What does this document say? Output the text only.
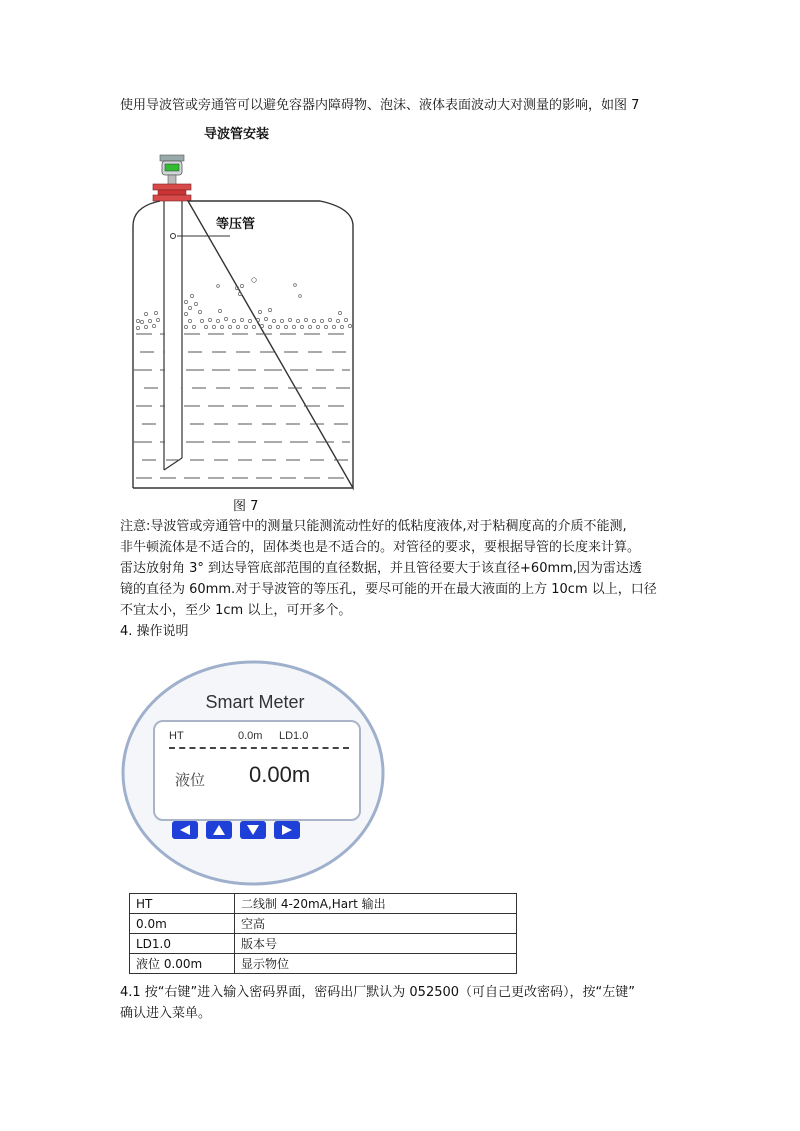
使用导波管或旁通管可以避免容器内障碍物、泡沫、液体表面波动大对测量的影响，如图 7
导波管安装
等压管
图 7
注意:导波管或旁通管中的测量只能测流动性好的低粘度液体,对于粘稠度高的介质不能测,
非牛顿流体是不适合的，固体类也是不适合的。对管径的要求，要根据导管的长度来计算。
雷达放射角 3° 到达导管底部范围的直径数据，并且管径要大于该直径+60mm,因为雷达透
镜的直径为 60mm.对于导波管的等压孔，要尽可能的开在最大液面的上方 10cm 以上，口径
不宜太小，至少 1cm 以上，可开多个。
4. 操作说明
Smart Meter
HT	0.0m LD1.0
液位 0.00m
HT	二线制 4-20mA,Hart 输出
0.0m	空高
LD1.0	版本号
液位 0.00m	显示物位
4.1 按“右键”进入输入密码界面，密码出厂默认为 052500（可自己更改密码），按“左键”
确认进入菜单。
